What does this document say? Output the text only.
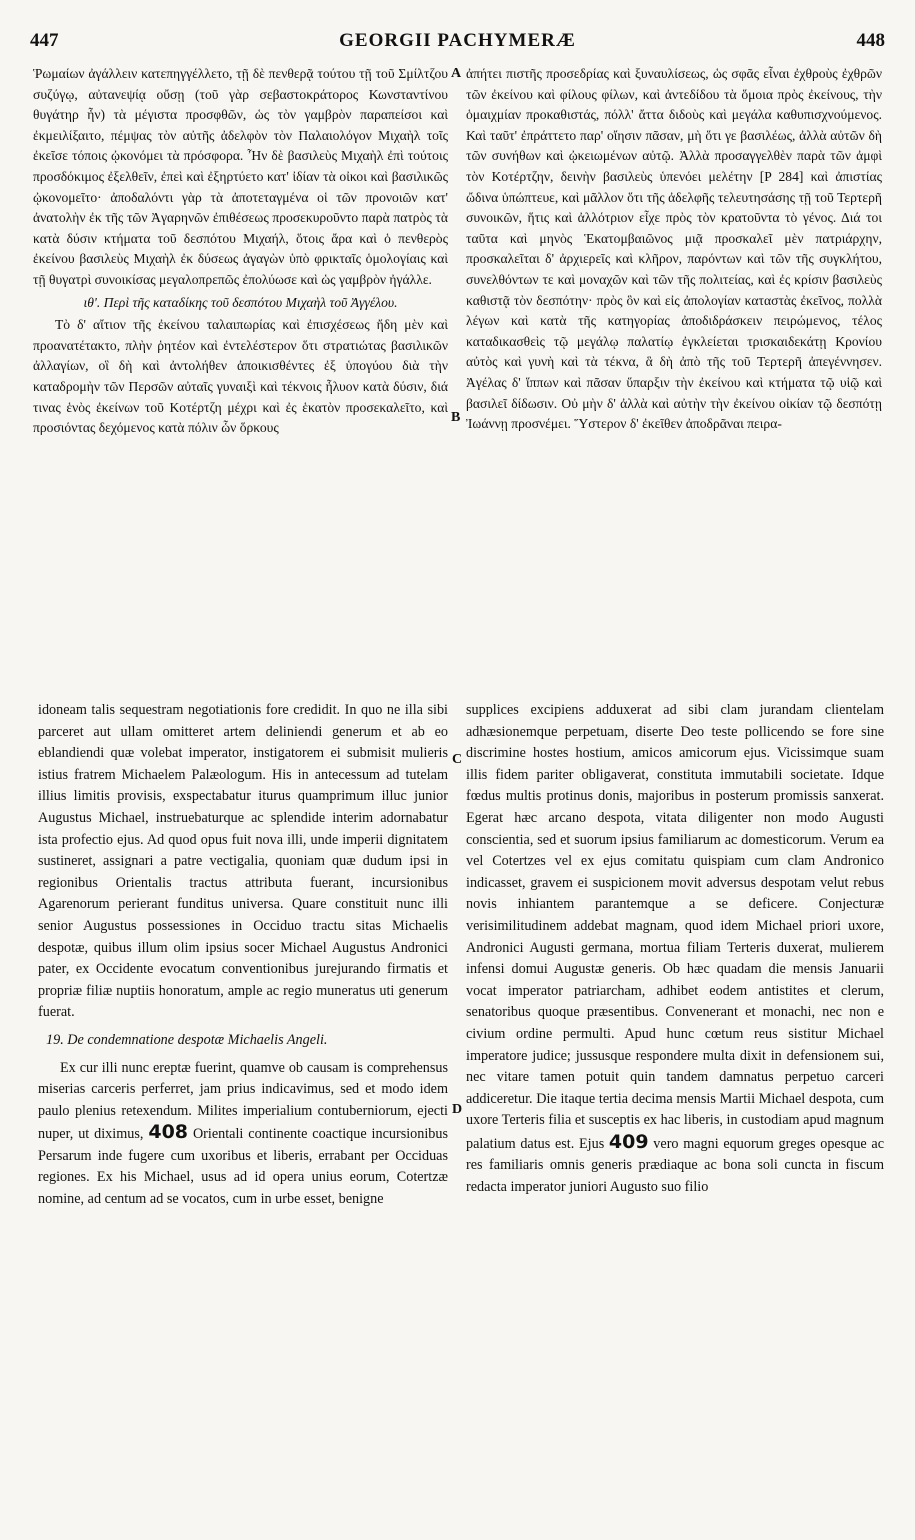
447	GEORGII PACHYMERÆ	448
A
B
C
D

Ῥωμαίων ἀγάλλειν κατεπηγγέλλετο, τῇ δὲ πενθερᾷ τούτου τῇ τοῦ Σμίλτζου συζύγῳ, αὐτανεψίᾳ οὔσῃ (τοῦ γὰρ σεβαστοκράτορος Κωνσταντίνου θυγάτηρ ἦν) τὰ μέγιστα προσφθῶν, ὡς τὸν γαμβρὸν παραπείσοι καὶ ἐκμειλίξαιτο, πέμψας τὸν αὐτῆς ἀδελφὸν τὸν Παλαιολόγον Μιχαὴλ τοῖς ἐκεῖσε τόποις ᾠκονόμει τὰ πρόσφορα. Ἦν δὲ βασιλεὺς Μιχαὴλ ἐπὶ τούτοις προσδόκιμος ἐξελθεῖν, ἐπεὶ καὶ ἐξηρτύετο κατ' ἰδίαν τὰ οἰκοι καὶ βασιλικῶς ᾠκονομεῖτο· ἀποδαλόντι γὰρ τὰ ἀποτεταγμένα οἱ τῶν προνοιῶν κατ' ἀνατολὴν ἐκ τῆς τῶν Ἀγαρηνῶν ἐπιθέσεως προσεκυροῦντο παρὰ πατρὸς τὰ κατὰ δύσιν κτήματα τοῦ δεσπότου Μιχαήλ, ὅτοις ἄρα καὶ ὁ πενθερὸς ἐκείνου βασιλεὺς Μιχαὴλ ἐκ δύσεως ἀγαγὼν ὑπὸ φρικταῖς ὁμολογίαις καὶ τῇ θυγατρὶ συνοικίσας μεγαλοπρεπῶς ἐπολύωσε καὶ ὡς γαμβρὸν ἠγάλλε.

ιθ'. Περὶ τῆς καταδίκης τοῦ δεσπότου Μιχαὴλ τοῦ Ἀγγέλου.

Τὸ δ' αἴτιον τῆς ἐκείνου ταλαιπωρίας καὶ ἐπισχέσεως ἤδη μὲν καὶ προανατέτακτο, πλὴν ῥητέον καὶ ἐντελέστερον ὅτι στρατιώτας βασιλικῶν ἀλλαγίων, οἳ δὴ καὶ ἀντολήθεν ἀποικισθέντες ἐξ ὑπογύου διὰ τὴν καταδρομὴν τῶν Περσῶν αὐταῖς γυναιξὶ καὶ τέκνοις ἦλυον κατὰ δύσιν, διά τινας ἑνὸς ἐκείνων τοῦ Κοτέρτζη μέχρι καὶ ἐς ἑκατὸν προσεκαλεῖτο, καὶ προσιόντας δεχόμενος κατὰ πόλιν ὧν ὅρκους

ἀπήτει πιστῆς προσεδρίας καὶ ξυναυλίσεως, ὡς σφᾶς εἶναι ἐχθροὺς ἐχθρῶν τῶν ἐκείνου καὶ φίλους φίλων, καὶ ἀντεδίδου τὰ ὅμοια πρὸς ἐκείνους, τὴν ὁμαιχμίαν προκαθιστάς, πόλλ' ἄττα διδοὺς καὶ μεγάλα καθυπισχνούμενος. Καὶ ταῦτ' ἐπράττετο παρ' οἴησιν πᾶσαν, μὴ ὅτι γε βασιλέως, ἀλλὰ αὐτῶν δὴ τῶν συνήθων καὶ ᾠκειωμένων αὐτῷ. Ἀλλὰ προσαγγελθὲν παρὰ τῶν ἀμφὶ τὸν Κοτέρτζην, δεινὴν βασιλεὺς ὑπενόει μελέτην [P 284] καὶ ἀπιστίας ὤδινα ὑπώπτευε, καὶ μᾶλλον ὅτι τῆς ἀδελφῆς τελευτησάσης τῇ τοῦ Τερτερῆ συνοικῶν, ἥτις καὶ ἀλλότριον εἶχε πρὸς τὸν κρατοῦντα τὸ γένος. Διά τοι ταῦτα καὶ μηνὸς Ἑκατομβαιῶνος μιᾷ προσκαλεῖ μὲν πατριάρχην, προσκαλεῖται δ' ἀρχιερεῖς καὶ κλῆρον, παρόντων καὶ τῶν τῆς συγκλήτου, συνελθόντων τε καὶ μοναχῶν καὶ τῶν τῆς πολιτείας, καὶ ἐς κρίσιν βασιλεὺς καθιστᾷ τὸν δεσπότην· πρὸς ὃν καὶ εἰς ἀπολογίαν καταστὰς ἐκεῖνος, πολλὰ λέγων καὶ κατὰ τῆς κατηγορίας ἀποδιδράσκειν πειρώμενος, τέλος καταδικασθεὶς τῷ μεγάλῳ παλατίῳ ἐγκλείεται τρισκαιδεκάτῃ Κρονίου αὐτὸς καὶ γυνὴ καὶ τὰ τέκνα, ἃ δὴ ἀπὸ τῆς τοῦ Τερτερῆ ἀπεγέννησεν. Ἀγέλας δ' ἵππων καὶ πᾶσαν ὕπαρξιν τὴν ἐκείνου καὶ κτήματα τῷ υἱῷ καὶ βασιλεῖ δίδωσιν. Οὐ μὴν δ' ἀλλὰ καὶ αὐτὴν τὴν ἐκείνου οἰκίαν τῷ δεσπότῃ Ἰωάννῃ προσνέμει. Ὕστερον δ' ἐκεῖθεν ἀποδρᾶναι πειρα-

idoneam talis sequestram negotiationis fore credidit. In quo ne illa sibi parceret aut ullam omitteret artem deliniendi generum et ab eo eblandiendi quæ volebat imperator, instigatorem ei submisit mulieris istius fratrem Michaelem Palæologum. His in antecessum ad tutelam illius limitis provisis, exspectabatur iturus quamprimum illuc junior Augustus Michael, instruebaturque ac splendide interim adornabatur ista profectio ejus. Ad quod opus fuit nova illi, unde imperii dignitatem sustineret, assignari a patre vectigalia, quoniam quæ dudum ipsi in regionibus Orientalis tractus attributa fuerant, incursionibus Agarenorum perierant funditus universa. Quare constituit nunc illi senior Augustus possessiones in Occiduo tractu sitas Michaelis despotæ, quibus illum olim ipsius socer Michael Augustus Andronici pater, ex Occidente evocatum conventionibus jurejurando firmatis et propriæ filiæ nuptiis honoratum, ample ac regio muneratus uti generum fuerat.

19. De condemnatione despotæ Michaelis Angeli.

Ex cur illi nunc ereptæ fuerint, quamve ob causam is comprehensus miserias carceris perferret, jam prius indicavimus, sed et modo idem paulo plenius retexendum. Milites imperialium contuberniorum, ejecti nuper, ut diximus, 408 Orientali continente coactique incursionibus Persarum inde fugere cum uxoribus et liberis, errabant per Occiduas regiones. Ex his Michael, usus ad id opera unius eorum, Cotertzæ nomine, ad centum ad se vocatos, cum in urbe esset, benigne

supplices excipiens adduxerat ad sibi clam jurandam clientelam adhæsionemque perpetuam, diserte Deo teste pollicendo se fore sine discrimine hostes hostium, amicos amicorum ejus. Vicissimque suam illis fidem pariter obligaverat, constituta immutabili societate. Idque fœdus multis protinus donis, majoribus in posterum promissis sanxerat. Egerat hæc arcano despota, vitata diligenter non modo Augusti conscientia, sed et suorum ipsius familiarum ac domesticorum. Verum ea vel Cotertzes vel ex ejus comitatu quispiam cum clam Andronico indicasset, gravem ei suspicionem movit adversus despotam velut rebus novis inhiantem parantemque a se deficere. Conjecturæ verisimilitudinem addebat magnam, quod idem Michael priori uxore, Andronici Augusti germana, mortua filiam Terteris duxerat, mulierem infensi domui Augustæ generis. Ob hæc quadam die mensis Januarii vocat imperator patriarcham, adhibet eodem antistites et clerum, senatoribus quoque præsentibus. Convenerant et monachi, nec non e civium ordine permulti. Apud hunc cœtum reus sistitur Michael imperatore judice; jussusque respondere multa dixit in defensionem sui, nec vitare tamen potuit quin tandem damnatus perpetuo carceri addiceretur. Die itaque tertia decima mensis Martii Michael despota, cum uxore Terteris filia et susceptis ex hac liberis, in custodiam apud magnum palatium datus est. Ejus 409 vero magni equorum greges opesque ac res familiaris omnis generis prædiaque ac bona soli cuncta in fiscum redacta imperator juniori Augusto suo filio
